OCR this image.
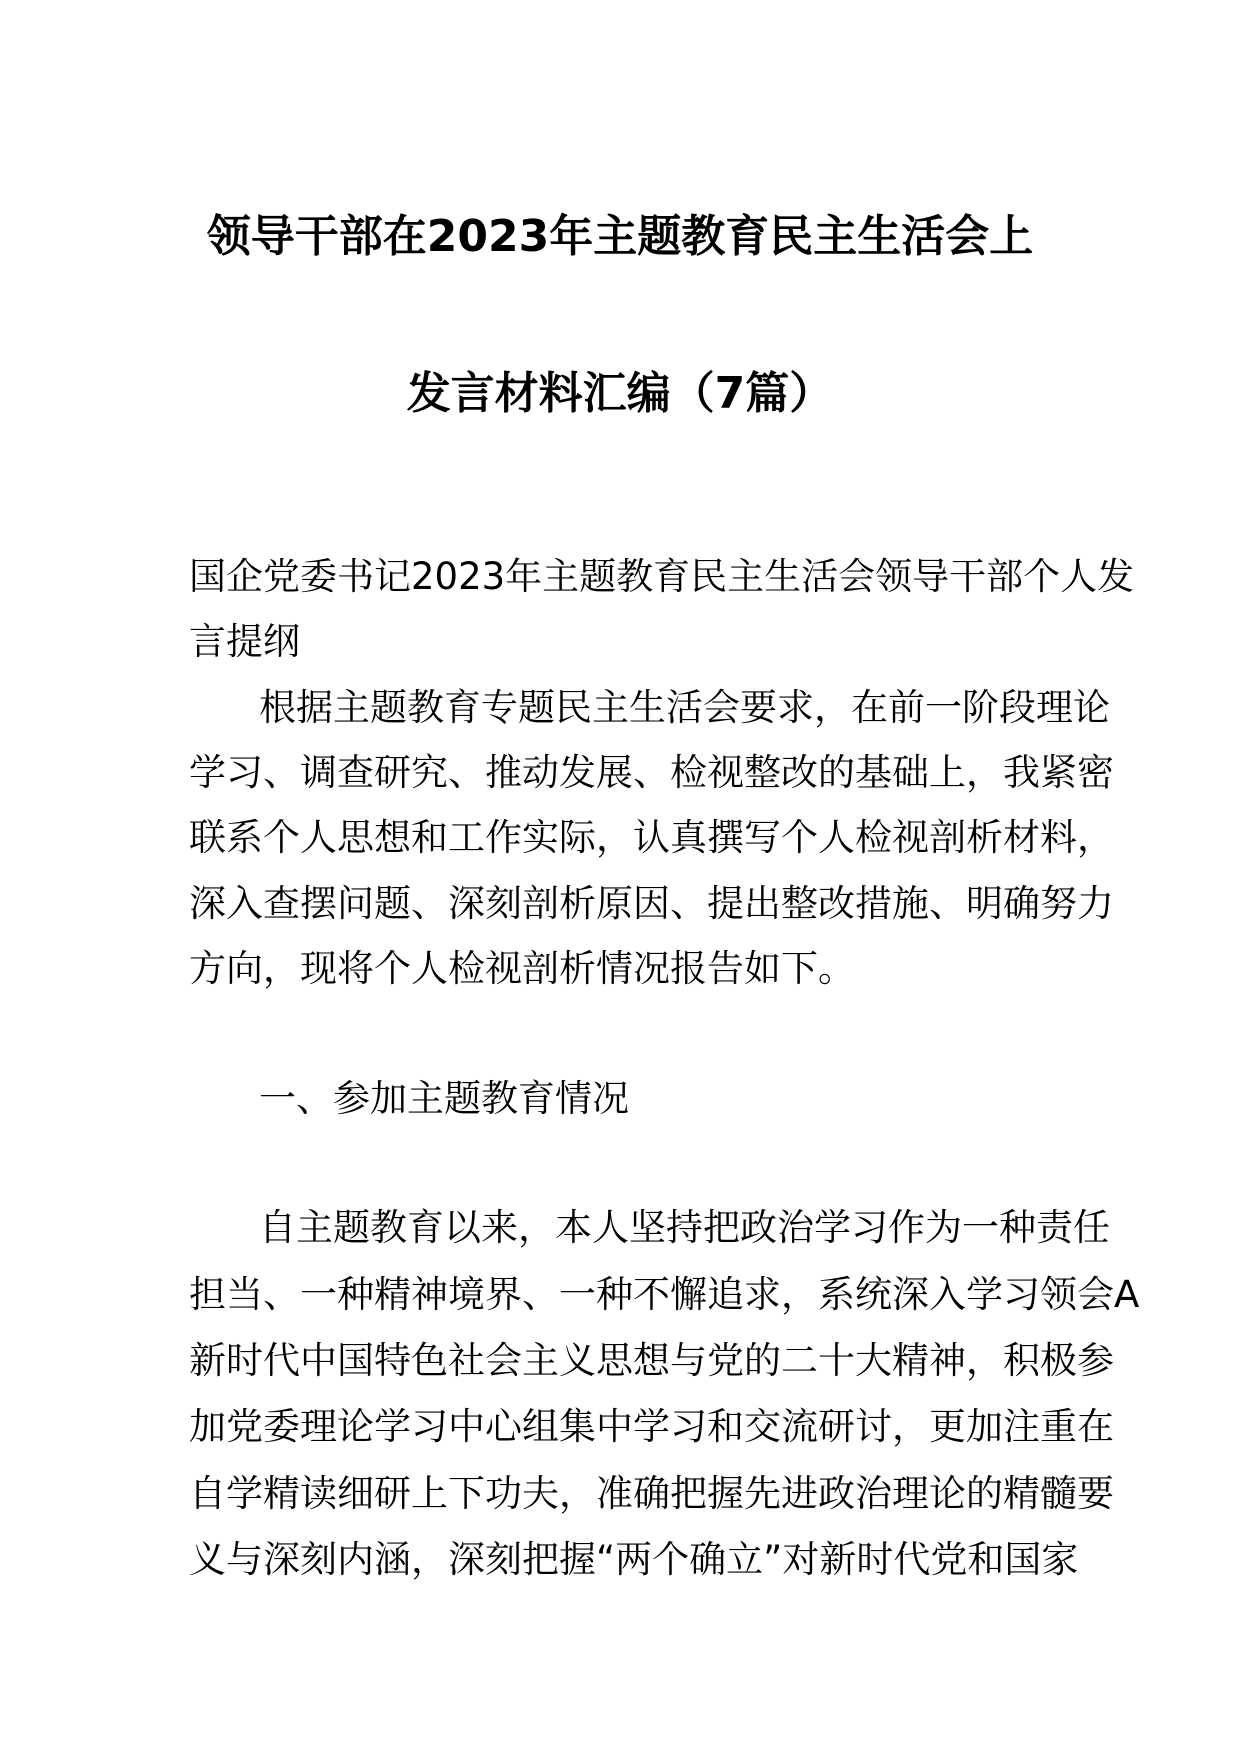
领导干部在2023年主题教育民主生活会上
发言材料汇编（7篇）
国企党委书记2023年主题教育民主生活会领导干部个人发
言提纲
根据主题教育专题民主生活会要求，在前一阶段理论
学习、调查研究、推动发展、检视整改的基础上，我紧密
联系个人思想和工作实际，认真撰写个人检视剖析材料，
深入查摆问题、深刻剖析原因、提出整改措施、明确努力
方向，现将个人检视剖析情况报告如下。
一、参加主题教育情况
自主题教育以来，本人坚持把政治学习作为一种责任
担当、一种精神境界、一种不懈追求，系统深入学习领会A
新时代中国特色社会主义思想与党的二十大精神，积极参
加党委理论学习中心组集中学习和交流研讨，更加注重在
自学精读细研上下功夫，准确把握先进政治理论的精髓要
义与深刻内涵，深刻把握“两个确立”对新时代党和国家
